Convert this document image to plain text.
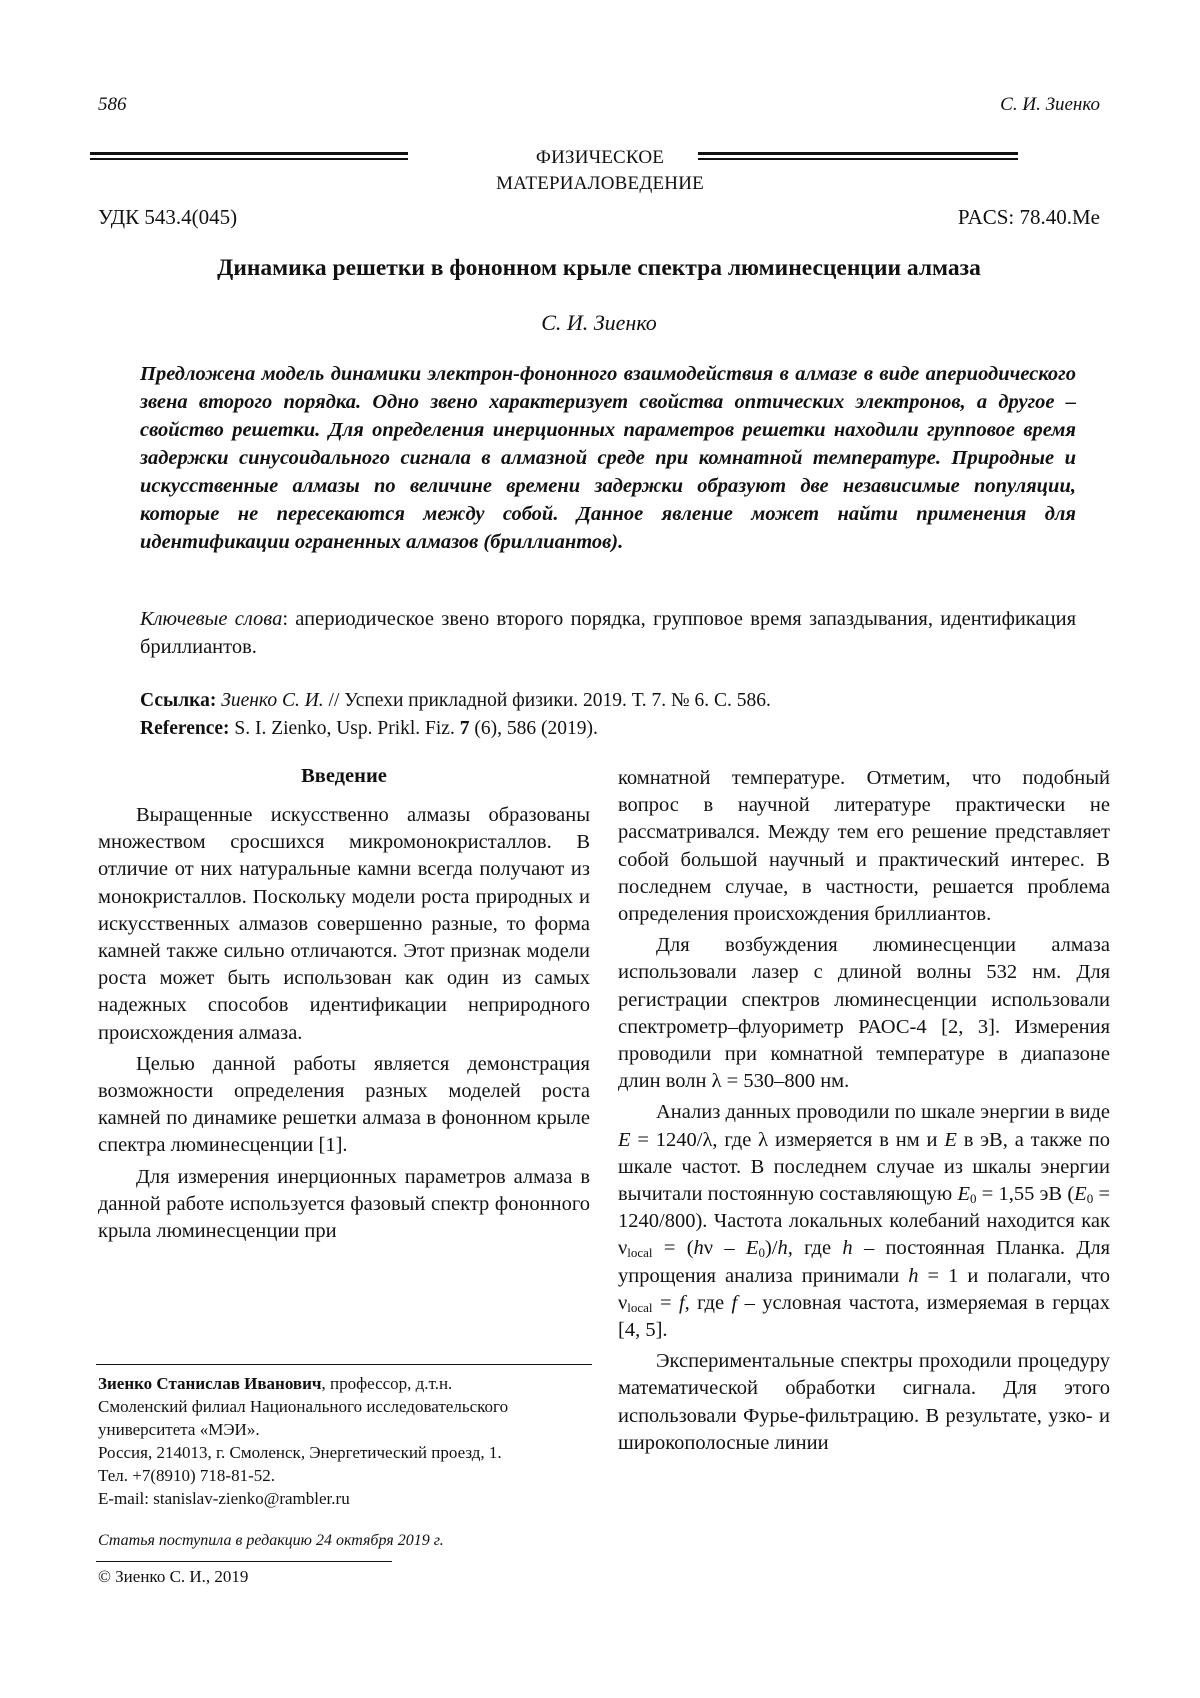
586	С. И. Зиенко
ФИЗИЧЕСКОЕ
МАТЕРИАЛОВЕДЕНИЕ
УДК 543.4(045)	PACS: 78.40.Me
Динамика решетки в фононном крыле спектра люминесценции алмаза
С. И. Зиенко
Предложена модель динамики электрон-фононного взаимодействия в алмазе в виде апериодического звена второго порядка. Одно звено характеризует свойства оптических электронов, а другое – свойство решетки. Для определения инерционных параметров решетки находили групповое время задержки синусоидального сигнала в алмазной среде при комнатной температуре. Природные и искусственные алмазы по величине времени задержки образуют две независимые популяции, которые не пересекаются между собой. Данное явление может найти применения для идентификации ограненных алмазов (бриллиантов).
Ключевые слова: апериодическое звено второго порядка, групповое время запаздывания, идентификация бриллиантов.
Ссылка: Зиенко С. И. // Успехи прикладной физики. 2019. Т. 7. № 6. С. 586.
Reference: S. I. Zienko, Usp. Prikl. Fiz. 7 (6), 586 (2019).
Введение

Выращенные искусственно алмазы образованы множеством сросшихся микромонокристаллов. В отличие от них натуральные камни всегда получают из монокристаллов. Поскольку модели роста природных и искусственных алмазов совершенно разные, то форма камней также сильно отличаются. Этот признак модели роста может быть использован как один из самых надежных способов идентификации неприродного происхождения алмаза.

Целью данной работы является демонстрация возможности определения разных моделей роста камней по динамике решетки алмаза в фононном крыле спектра люминесценции [1].

Для измерения инерционных параметров алмаза в данной работе используется фазовый спектр фононного крыла люминесценции при

Зиенко Станислав Иванович, профессор, д.т.н.
Смоленский филиал Национального исследовательского университета «МЭИ».
Россия, 214013, г. Смоленск, Энергетический проезд, 1.
Тел. +7(8910) 718-81-52.
E-mail: stanislav-zienko@rambler.ru
Статья поступила в редакцию 24 октября 2019 г.
© Зиенко С. И., 2019

комнатной температуре. Отметим, что подобный вопрос в научной литературе практически не рассматривался. Между тем его решение представляет собой большой научный и практический интерес. В последнем случае, в частности, решается проблема определения происхождения бриллиантов.

Для возбуждения люминесценции алмаза использовали лазер с длиной волны 532 нм. Для регистрации спектров люминесценции использовали спектрометр–флуориметр РАОС-4 [2, 3]. Измерения проводили при комнатной температуре в диапазоне длин волн λ = 530–800 нм.

Анализ данных проводили по шкале энергии в виде E = 1240/λ, где λ измеряется в нм и E в эВ, а также по шкале частот. В последнем случае из шкалы энергии вычитали постоянную составляющую $E_0 = 1,55$ эВ $(E_0 = 1240/800)$. Частота локальных колебаний находится как $\nu_{local} = (h\nu - E_0)/h$, где h – постоянная Планка. Для упрощения анализа принимали h = 1 и полагали, что $\nu_{local} = f$, где f – условная частота, измеряемая в герцах [4, 5].

Экспериментальные спектры проходили процедуру математической обработки сигнала. Для этого использовали Фурье-фильтрацию. В результате, узко- и широкополосные линии
